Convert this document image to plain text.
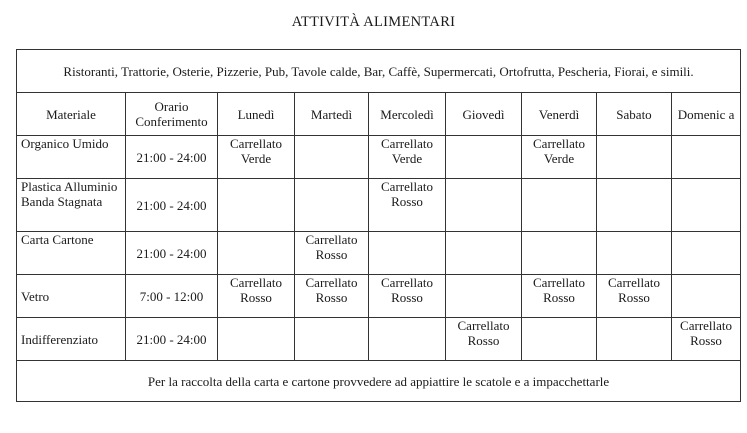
ATTIVITÀ ALIMENTARI
Ristoranti, Trattorie, Osterie, Pizzerie, Pub, Tavole calde, Bar, Caffè, Supermercati, Ortofrutta, Pescheria, Fiorai, e simili.								
Materiale	Orario Conferimento	Lunedì	Martedì	Mercoledì	Giovedì	Venerdì	Sabato	Domenic a
Organico Umido	21:00 - 24:00	Carrellato Verde		Carrellato Verde		Carrellato Verde		
Plastica Alluminio Banda Stagnata	21:00 - 24:00			Carrellato Rosso				
Carta Cartone	21:00 - 24:00		Carrellato Rosso					
Vetro	7:00 - 12:00	Carrellato Rosso	Carrellato Rosso	Carrellato Rosso		Carrellato Rosso	Carrellato Rosso	
Indifferenziato	21:00 - 24:00				Carrellato Rosso			Carrellato Rosso
Per la raccolta della carta e cartone provvedere ad appiattire le scatole e a impacchettarle								
